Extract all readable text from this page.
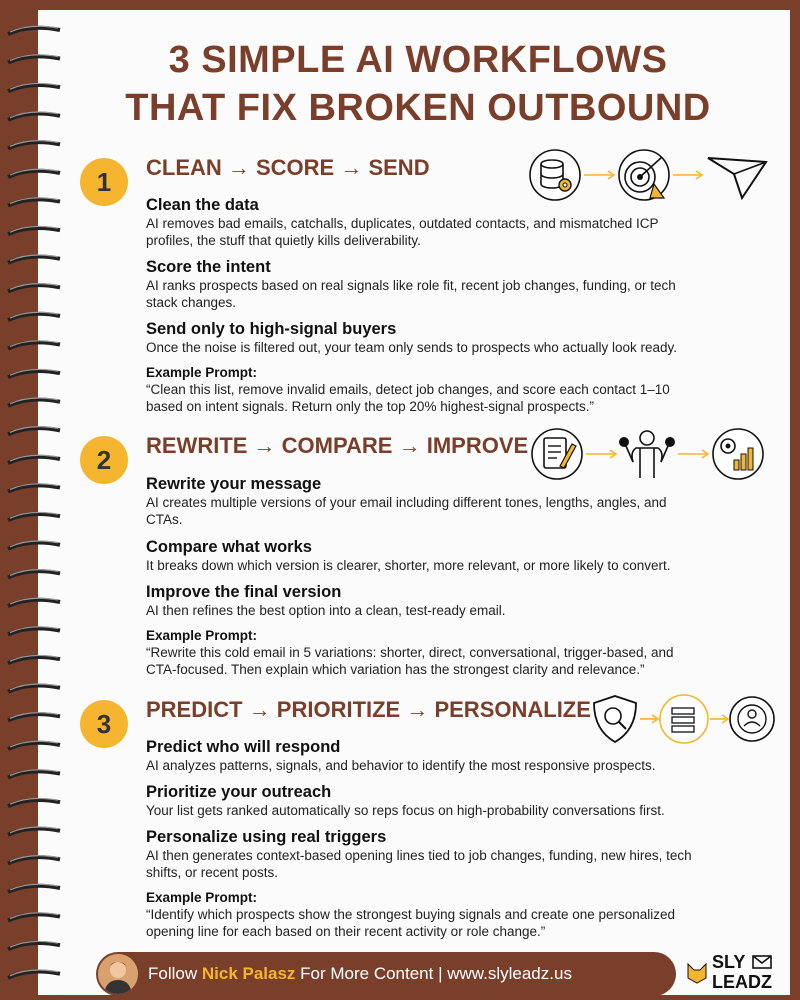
3 SIMPLE AI WORKFLOWS
THAT FIX BROKEN OUTBOUND
1	CLEAN → SCORE → SEND
Clean the data

AI removes bad emails, catchalls, duplicates, outdated contacts, and mismatched ICP

profiles, the stuff that quietly kills deliverability.

Score the intent

AI ranks prospects based on real signals like role fit, recent job changes, funding, or tech

stack changes.

Send only to high-signal buyers

Once the noise is filtered out, your team only sends to prospects who actually look ready.

Example Prompt:

“Clean this list, remove invalid emails, detect job changes, and score each contact 1–10

based on intent signals. Return only the top 20% highest-signal prospects.”

2	REWRITE → COMPARE → IMPROVE
Rewrite your message

AI creates multiple versions of your email including different tones, lengths, angles, and

CTAs.

Compare what works

It breaks down which version is clearer, shorter, more relevant, or more likely to convert.

Improve the final version

AI then refines the best option into a clean, test-ready email.

Example Prompt:

“Rewrite this cold email in 5 variations: shorter, direct, conversational, trigger-based, and

CTA-focused. Then explain which variation has the strongest clarity and relevance.”

3	PREDICT → PRIORITIZE → PERSONALIZE
Predict who will respond

AI analyzes patterns, signals, and behavior to identify the most responsive prospects.

Prioritize your outreach

Your list gets ranked automatically so reps focus on high-probability conversations first.

Personalize using real triggers

AI then generates context-based opening lines tied to job changes, funding, new hires, tech

shifts, or recent posts.

Example Prompt:

“Identify which prospects show the strongest buying signals and create one personalized

opening line for each based on their recent activity or role change.”

Follow Nick Palasz For More Content | www.slyleadz.us
SLY
LEADZ
